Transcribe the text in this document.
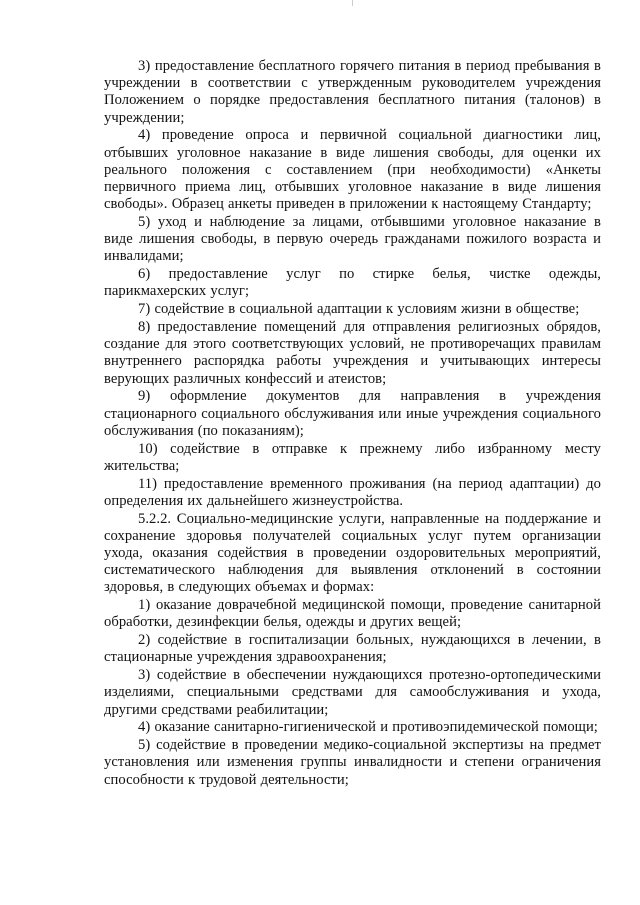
3) предоставление бесплатного горячего питания в период пребывания в учреждении в соответствии с утвержденным руководителем учреждения Положением о порядке предоставления бесплатного питания (талонов) в учреждении;

4) проведение опроса и первичной социальной диагностики лиц, отбывших уголовное наказание в виде лишения свободы, для оценки их реального положения с составлением (при необходимости) «Анкеты первичного приема лиц, отбывших уголовное наказание в виде лишения свободы». Образец анкеты приведен в приложении к настоящему Стандарту;

5) уход и наблюдение за лицами, отбывшими уголовное наказание в виде лишения свободы, в первую очередь гражданами пожилого возраста и инвалидами;

6) предоставление услуг по стирке белья, чистке одежды, парикмахерских услуг;

7) содействие в социальной адаптации к условиям жизни в обществе;

8) предоставление помещений для отправления религиозных обрядов, создание для этого соответствующих условий, не противоречащих правилам внутреннего распорядка работы учреждения и учитывающих интересы верующих различных конфессий и атеистов;

9) оформление документов для направления в учреждения стационарного социального обслуживания или иные учреждения социального обслуживания (по показаниям);

10) содействие в отправке к прежнему либо избранному месту жительства;

11) предоставление временного проживания (на период адаптации) до определения их дальнейшего жизнеустройства.

5.2.2. Социально-медицинские услуги, направленные на поддержание и сохранение здоровья получателей социальных услуг путем организации ухода, оказания содействия в проведении оздоровительных мероприятий, систематического наблюдения для выявления отклонений в состоянии здоровья, в следующих объемах и формах:

1) оказание доврачебной медицинской помощи, проведение санитарной обработки, дезинфекции белья, одежды и других вещей;

2) содействие в госпитализации больных, нуждающихся в лечении, в стационарные учреждения здравоохранения;

3) содействие в обеспечении нуждающихся протезно-ортопедическими изделиями, специальными средствами для самообслуживания и ухода, другими средствами реабилитации;

4) оказание санитарно-гигиенической и противоэпидемической помощи;

5) содействие в проведении медико-социальной экспертизы на предмет установления или изменения группы инвалидности и степени ограничения способности к трудовой деятельности;
